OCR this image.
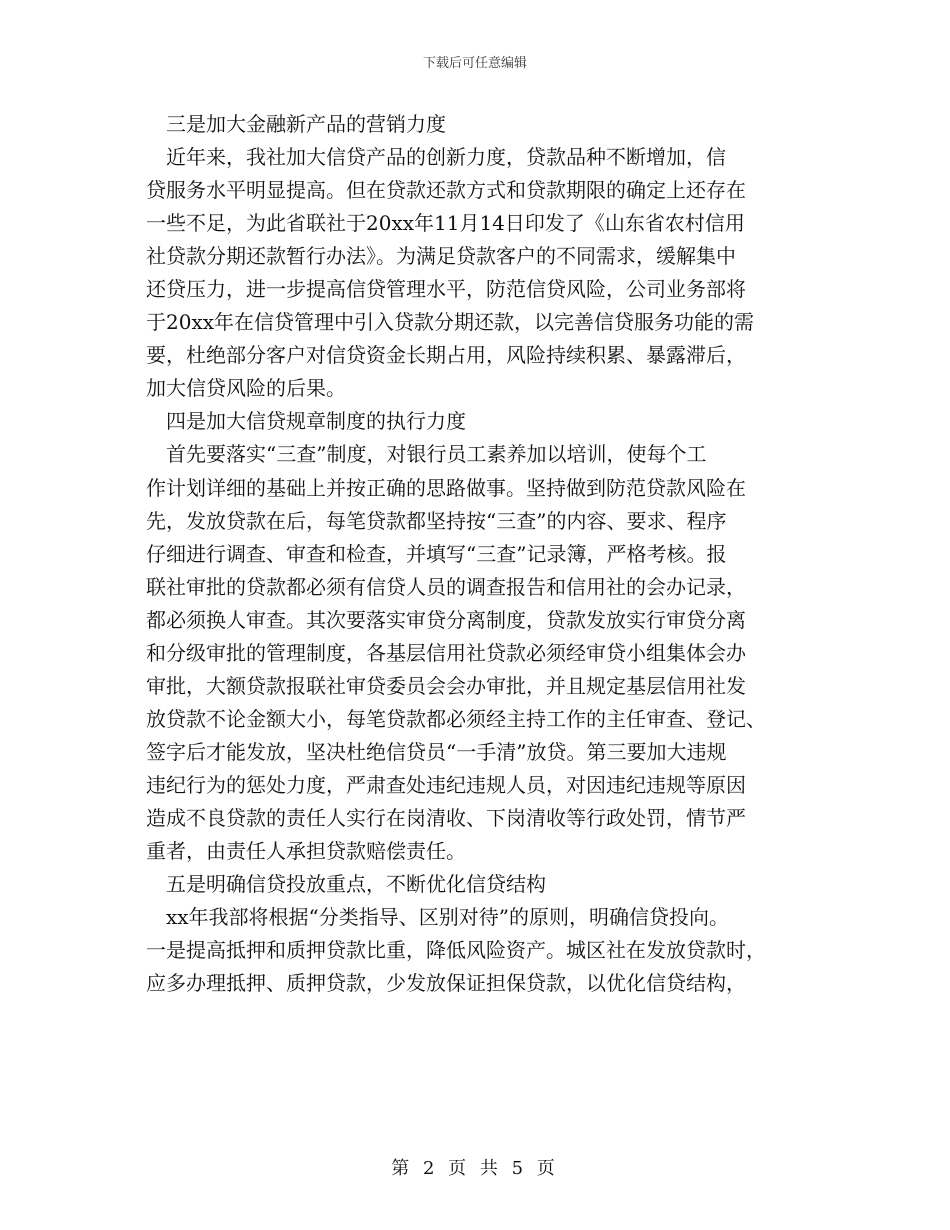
下载后可任意编辑

　三是加大金融新产品的营销力度

　近年来，我社加大信贷产品的创新力度，贷款品种不断增加，信

贷服务水平明显提高。但在贷款还款方式和贷款期限的确定上还存在

一些不足，为此省联社于20xx年11月14日印发了《山东省农村信用

社贷款分期还款暂行办法》。为满足贷款客户的不同需求，缓解集中

还贷压力，进一步提高信贷管理水平，防范信贷风险，公司业务部将

于20xx年在信贷管理中引入贷款分期还款，以完善信贷服务功能的需

要，杜绝部分客户对信贷资金长期占用，风险持续积累、暴露滞后，

加大信贷风险的后果。

　四是加大信贷规章制度的执行力度

　首先要落实“三查”制度，对银行员工素养加以培训，使每个工

作计划详细的基础上并按正确的思路做事。坚持做到防范贷款风险在

先，发放贷款在后，每笔贷款都坚持按“三查”的内容、要求、程序

仔细进行调查、审查和检查，并填写“三查”记录簿，严格考核。报

联社审批的贷款都必须有信贷人员的调查报告和信用社的会办记录，

都必须换人审查。其次要落实审贷分离制度，贷款发放实行审贷分离

和分级审批的管理制度，各基层信用社贷款必须经审贷小组集体会办

审批，大额贷款报联社审贷委员会会办审批，并且规定基层信用社发

放贷款不论金额大小，每笔贷款都必须经主持工作的主任审查、登记、

签字后才能发放，坚决杜绝信贷员“一手清”放贷。第三要加大违规

违纪行为的惩处力度，严肃查处违纪违规人员，对因违纪违规等原因

造成不良贷款的责任人实行在岗清收、下岗清收等行政处罚，情节严

重者，由责任人承担贷款赔偿责任。

　五是明确信贷投放重点，不断优化信贷结构

　xx年我部将根据“分类指导、区别对待”的原则，明确信贷投向。

一是提高抵押和质押贷款比重，降低风险资产。城区社在发放贷款时，

应多办理抵押、质押贷款，少发放保证担保贷款，以优化信贷结构，

第 2 页 共 5 页
